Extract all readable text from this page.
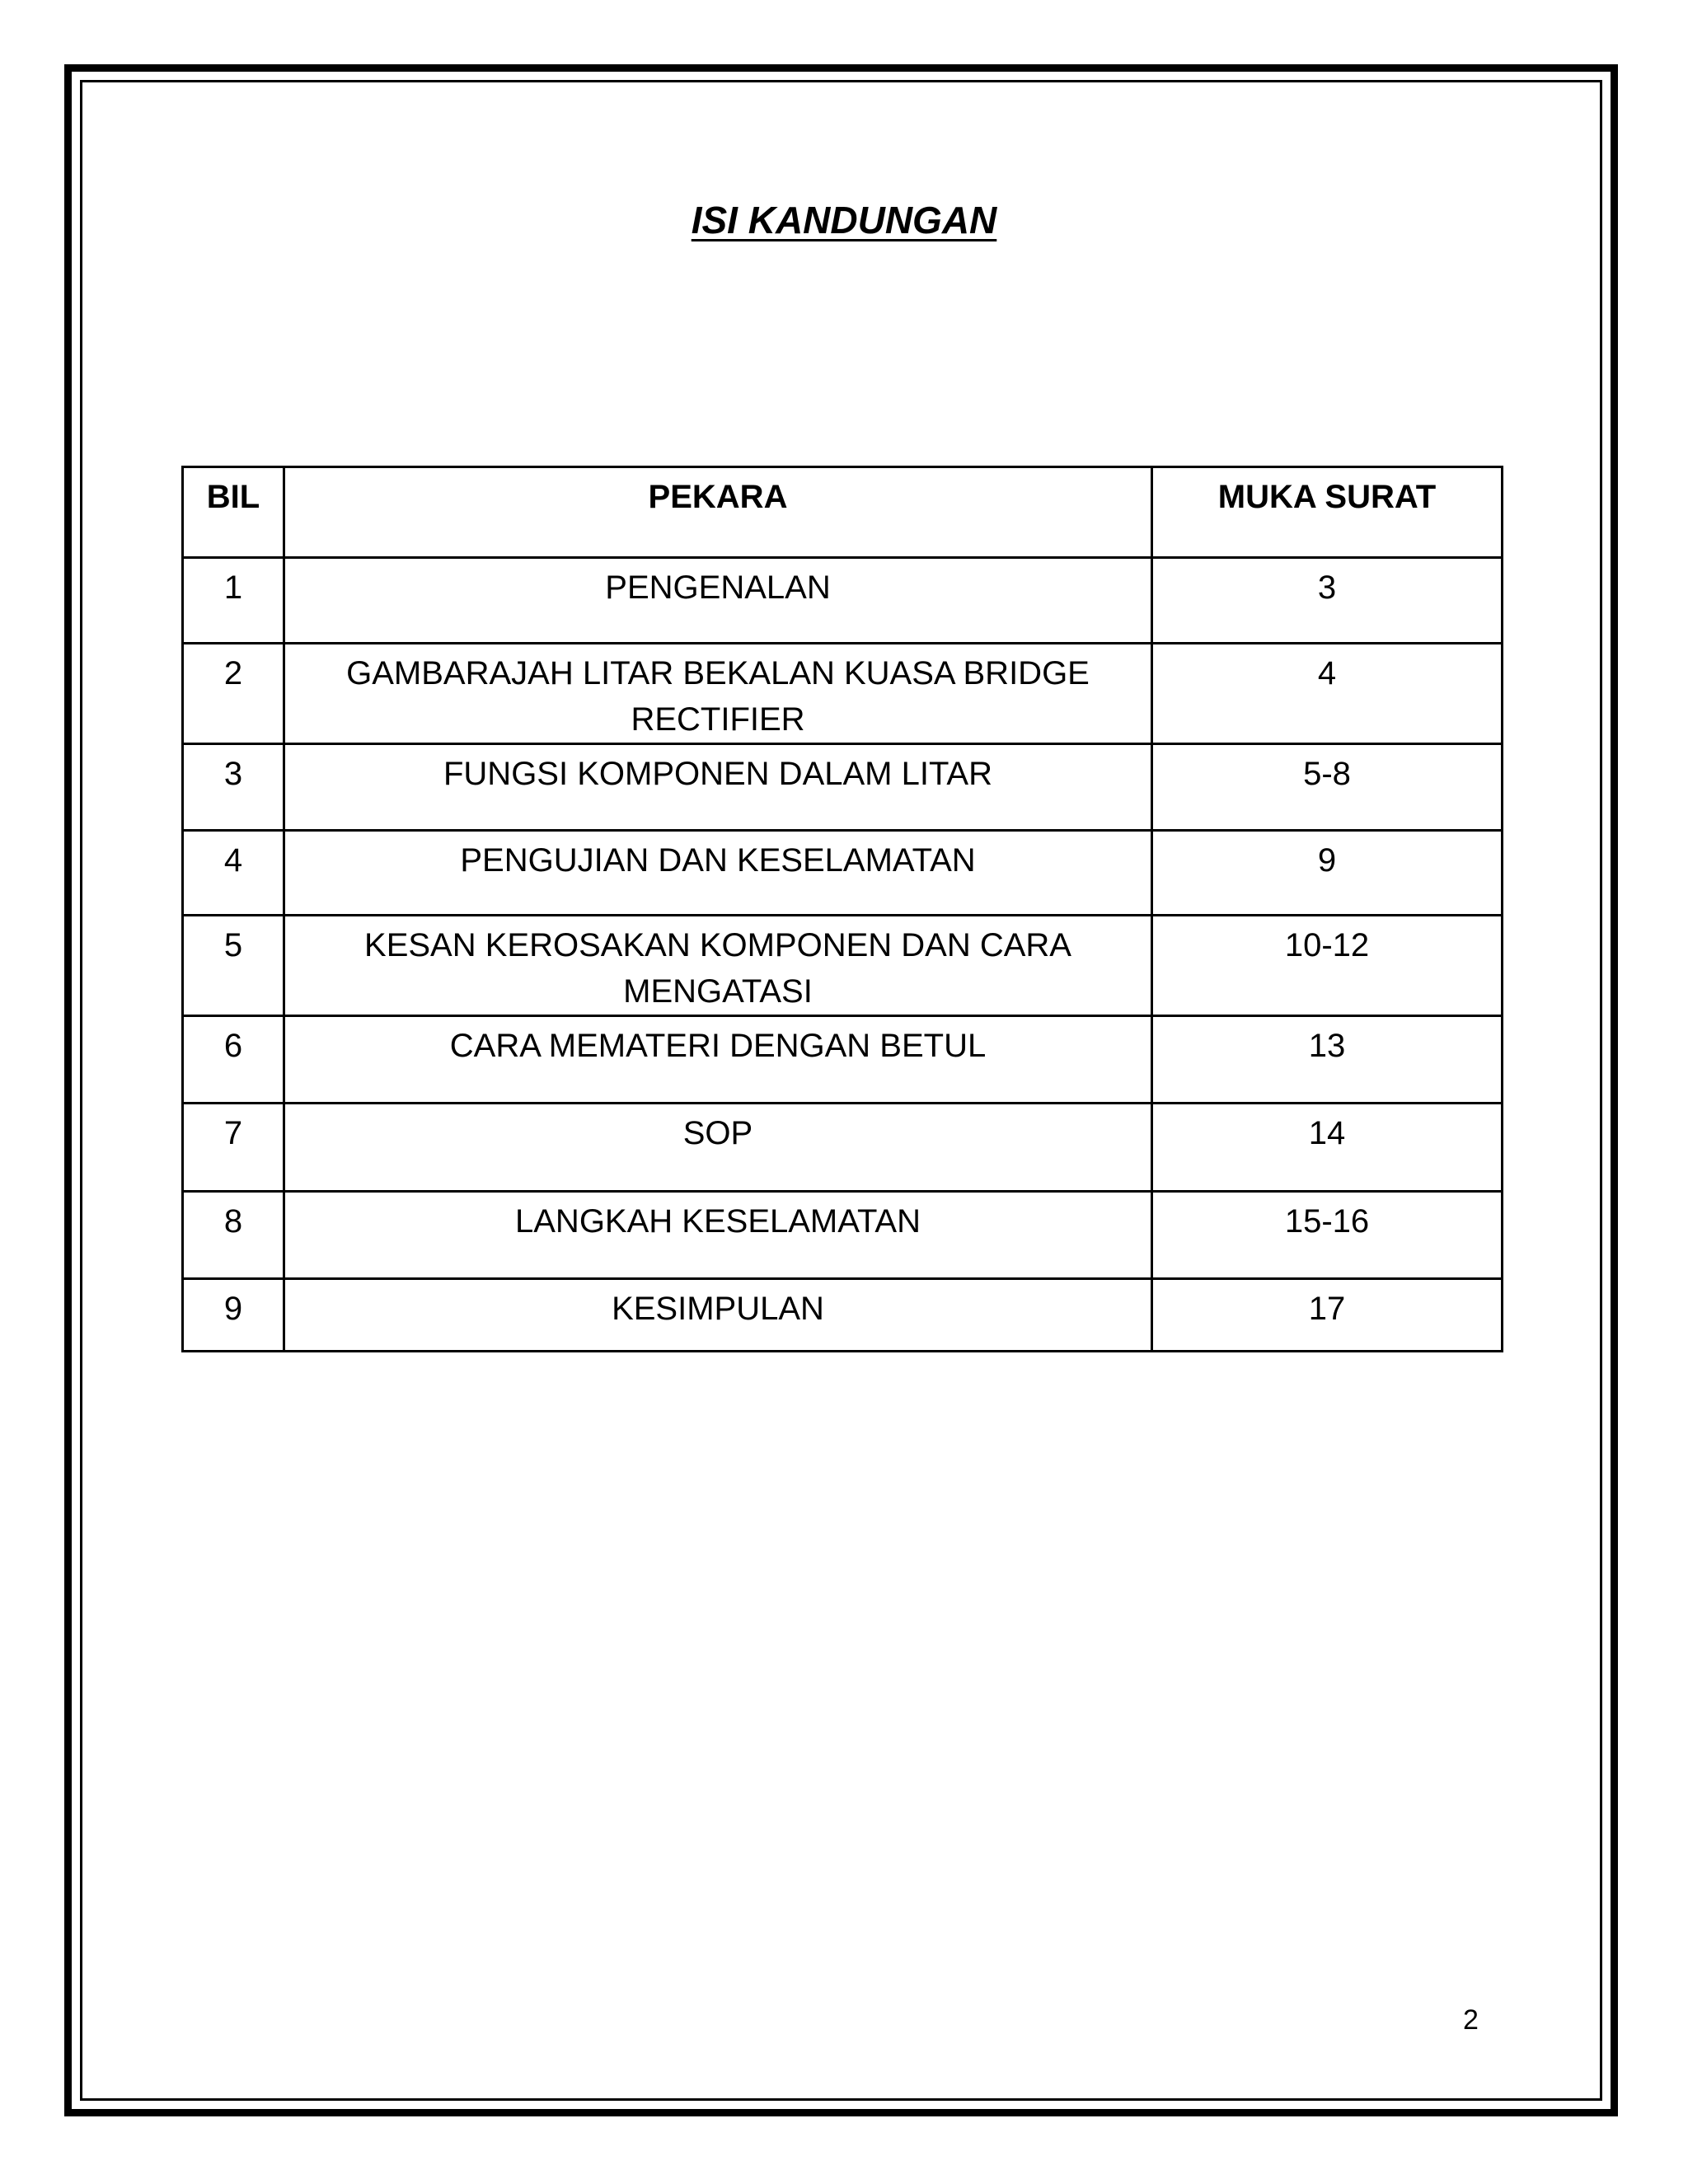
ISI KANDUNGAN
BIL	PEKARA	MUKA SURAT
1	PENGENALAN	3
2	GAMBARAJAH LITAR BEKALAN KUASA BRIDGE RECTIFIER	4
3	FUNGSI KOMPONEN DALAM LITAR	5-8
4	PENGUJIAN DAN KESELAMATAN	9
5	KESAN KEROSAKAN KOMPONEN DAN CARA MENGATASI	10-12
6	CARA MEMATERI DENGAN BETUL	13
7	SOP	14
8	LANGKAH KESELAMATAN	15-16
9	KESIMPULAN	17
2
